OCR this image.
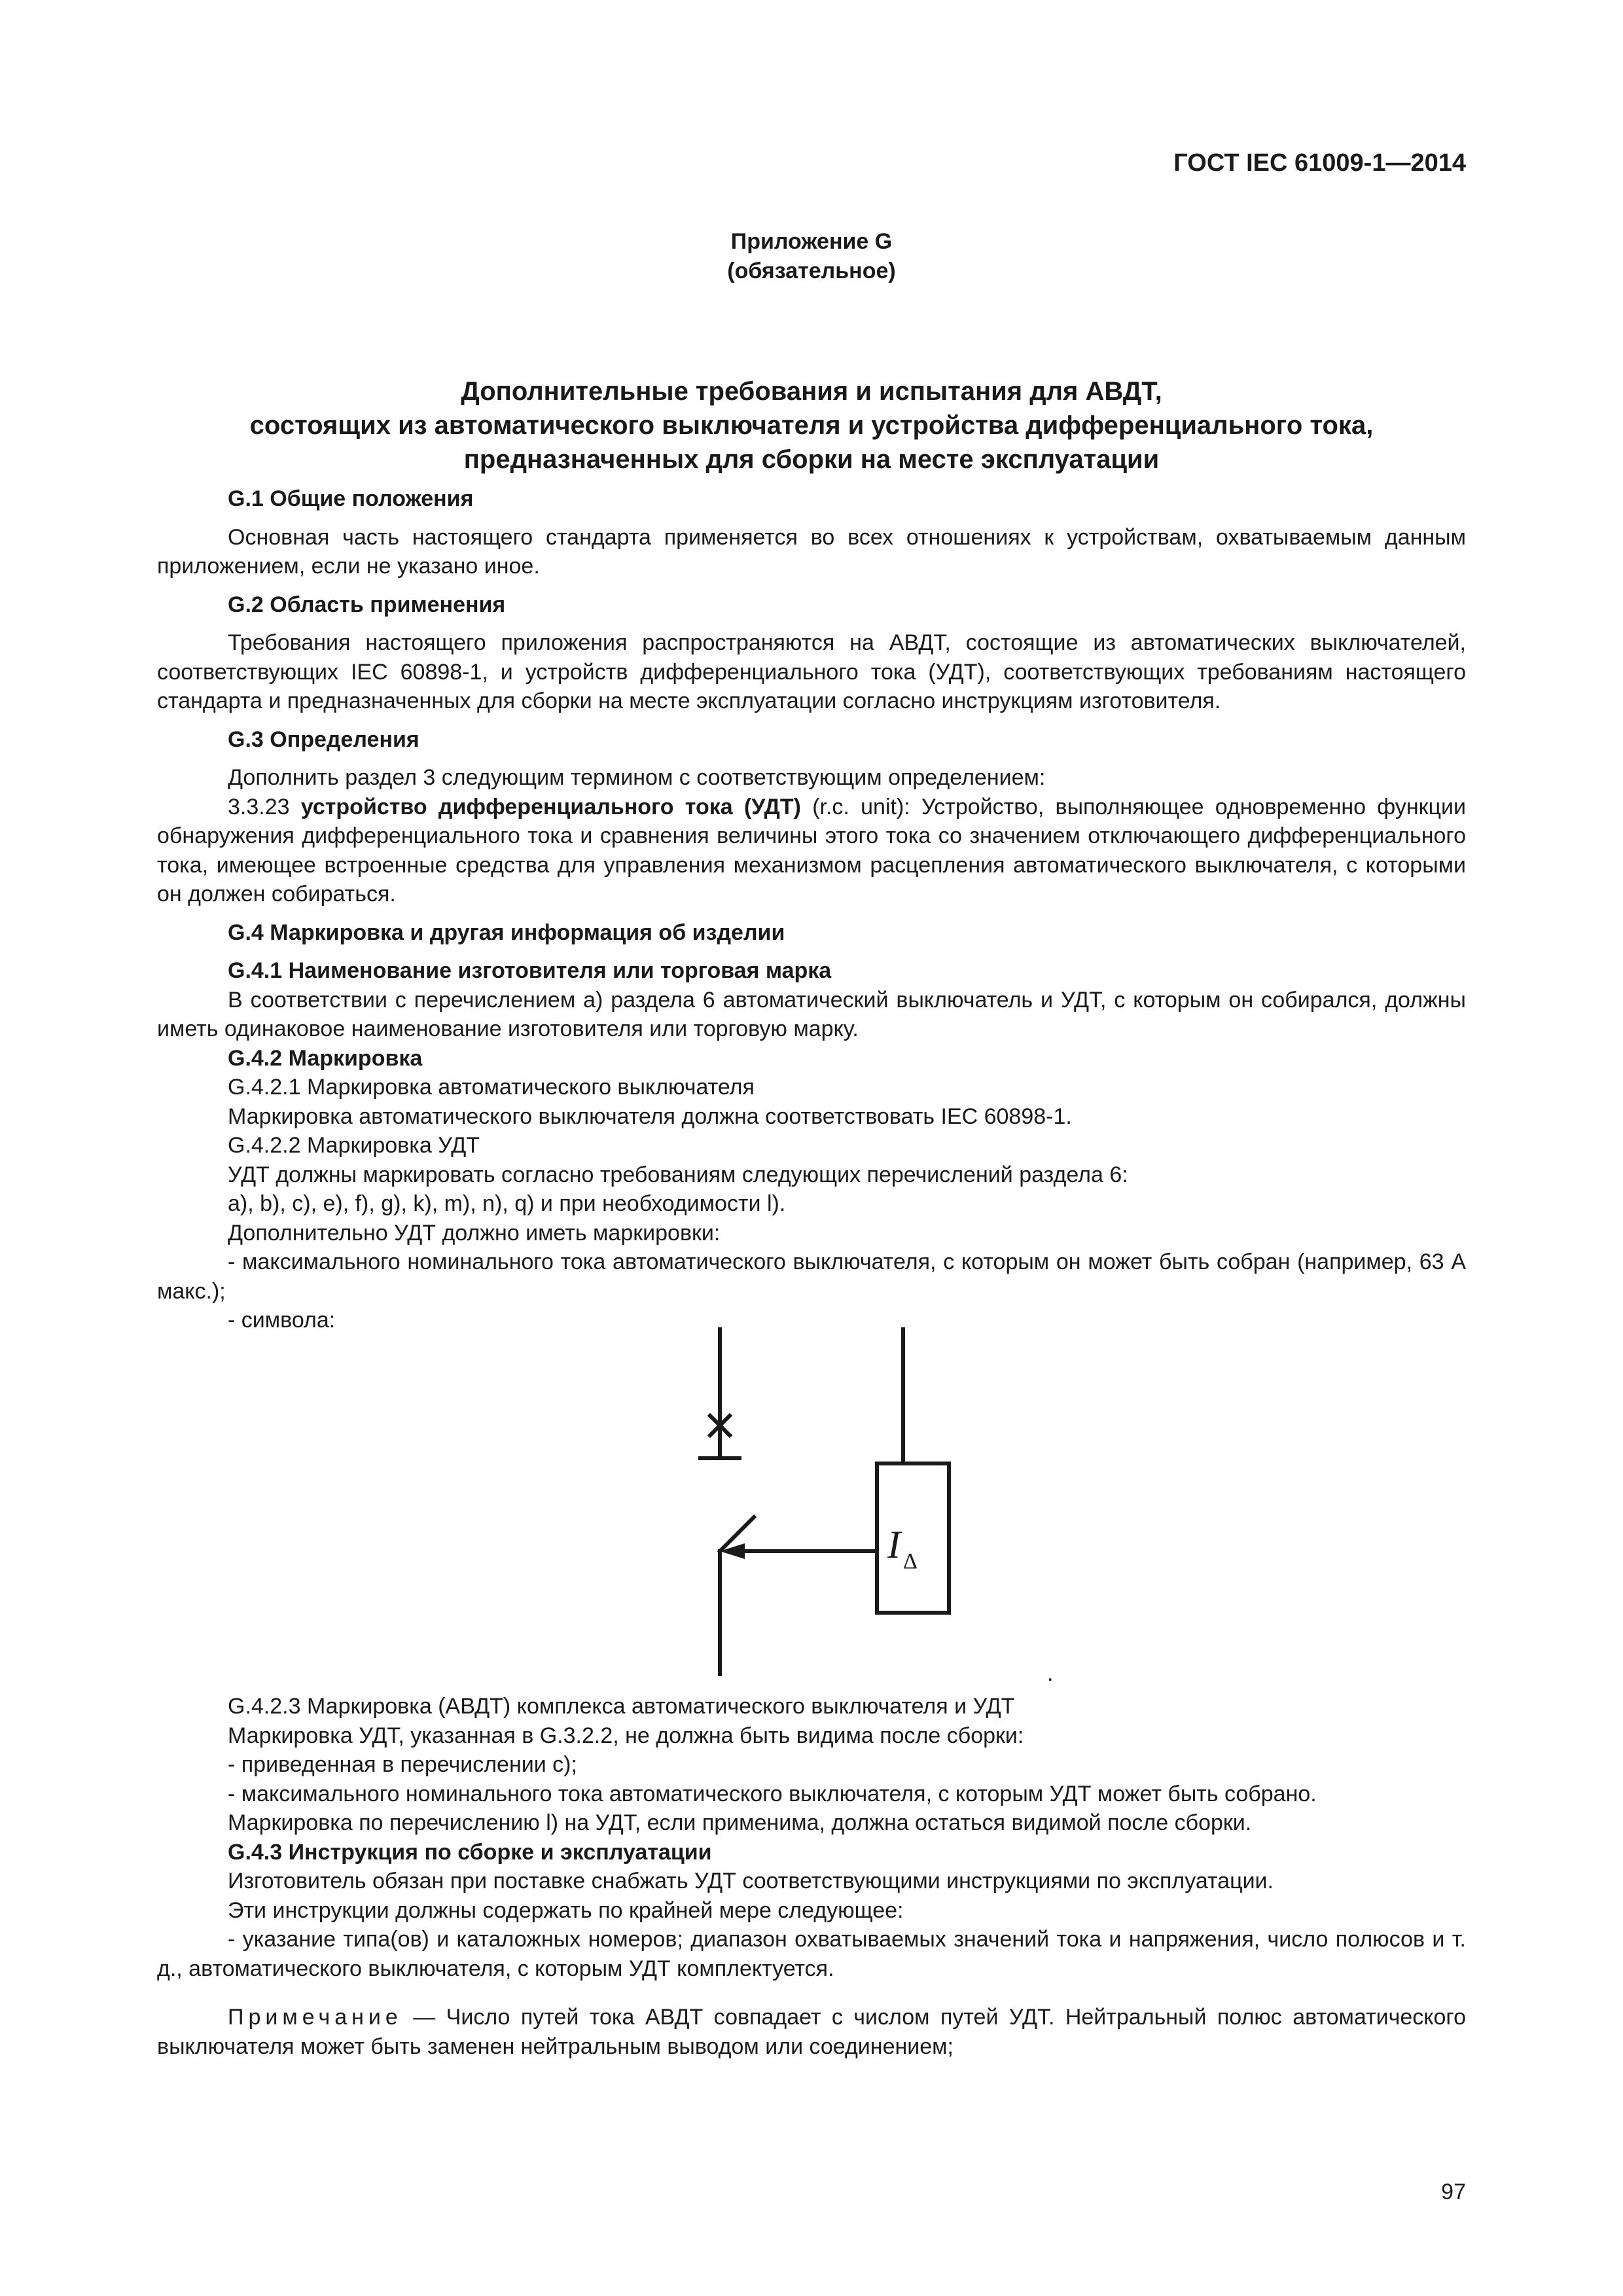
ГОСТ IEC 61009-1—2014
Приложение G
(обязательное)
Дополнительные требования и испытания для АВДТ,
состоящих из автоматического выключателя и устройства дифференциального тока,
предназначенных для сборки на месте эксплуатации

G.1 Общие положения

Основная часть настоящего стандарта применяется во всех отношениях к устройствам, охватываемым данным приложением, если не указано иное.

G.2 Область применения

Требования настоящего приложения распространяются на АВДТ, состоящие из автоматических выключателей, соответствующих IEC 60898-1, и устройств дифференциального тока (УДТ), соответствующих требованиям настоящего стандарта и предназначенных для сборки на месте эксплуатации согласно инструкциям изготовителя.

G.3 Определения

Дополнить раздел 3 следующим термином с соответствующим определением:

3.3.23 устройство дифференциального тока (УДТ) (r.c. unit): Устройство, выполняющее одновременно функции обнаружения дифференциального тока и сравнения величины этого тока со значением отключающего дифференциального тока, имеющее встроенные средства для управления механизмом расцепления автоматического выключателя, с которыми он должен собираться.

G.4 Маркировка и другая информация об изделии

G.4.1 Наименование изготовителя или торговая марка

В соответствии с перечислением а) раздела 6 автоматический выключатель и УДТ, с которым он собирался, должны иметь одинаковое наименование изготовителя или торговую марку.

G.4.2 Маркировка

G.4.2.1 Маркировка автоматического выключателя

Маркировка автоматического выключателя должна соответствовать IEC 60898-1.

G.4.2.2 Маркировка УДТ

УДТ должны маркировать согласно требованиям следующих перечислений раздела 6:

a), b), c), e), f), g), k), m), n), q) и при необходимости l).

Дополнительно УДТ должно иметь маркировки:

- максимального номинального тока автоматического выключателя, с которым он может быть собран (например, 63 А макс.);

- символа:

I Δ
.

G.4.2.3 Маркировка (АВДТ) комплекса автоматического выключателя и УДТ

Маркировка УДТ, указанная в G.3.2.2, не должна быть видима после сборки:

- приведенная в перечислении с);

- максимального номинального тока автоматического выключателя, с которым УДТ может быть собрано.

Маркировка по перечислению l) на УДТ, если применима, должна остаться видимой после сборки.

G.4.3 Инструкция по сборке и эксплуатации

Изготовитель обязан при поставке снабжать УДТ соответствующими инструкциями по эксплуатации.

Эти инструкции должны содержать по крайней мере следующее:

- указание типа(ов) и каталожных номеров; диапазон охватываемых значений тока и напряжения, число полюсов и т. д., автоматического выключателя, с которым УДТ комплектуется.

Примечание — Число путей тока АВДТ совпадает с числом путей УДТ. Нейтральный полюс автоматического выключателя может быть заменен нейтральным выводом или соединением;

97
